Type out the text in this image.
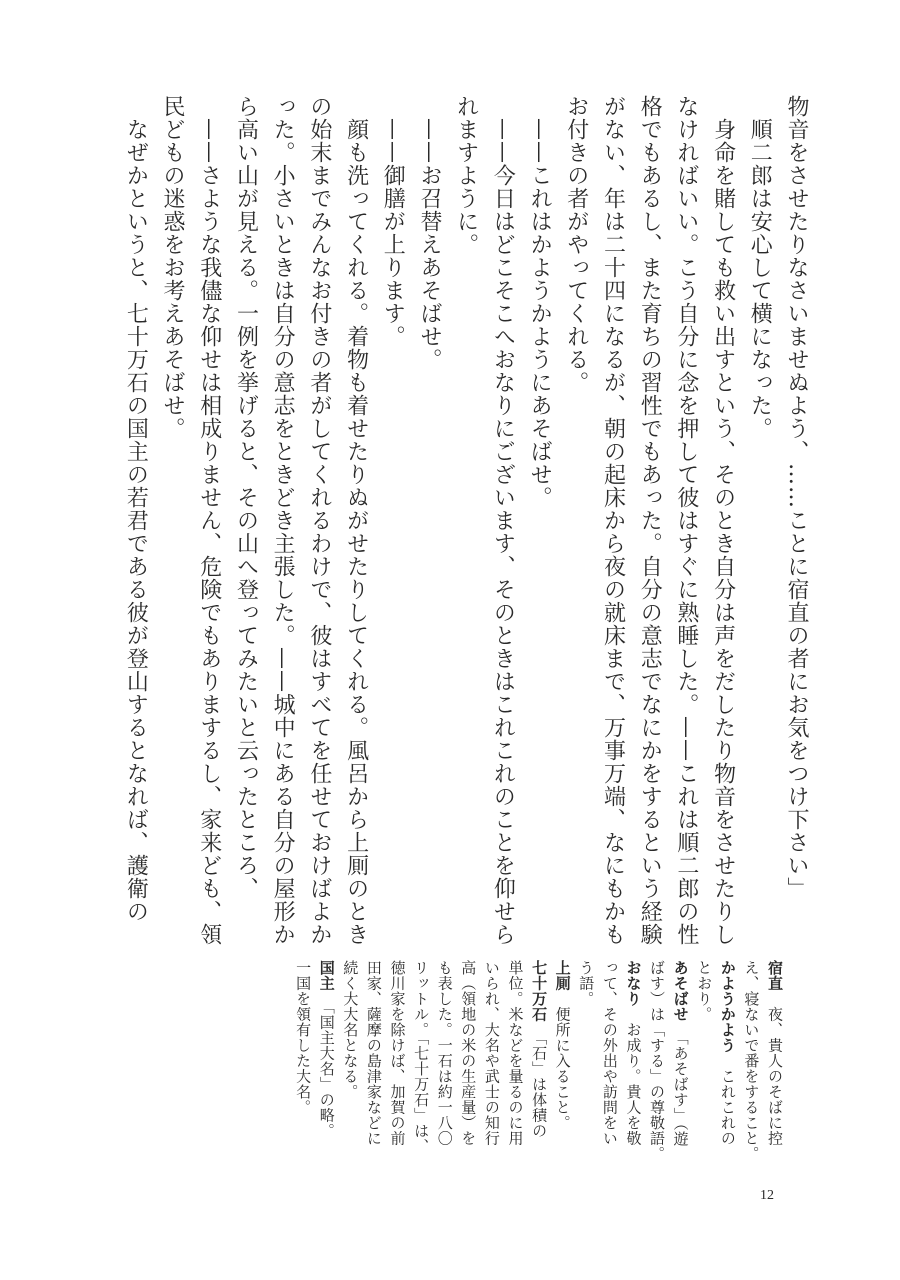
物音をさせたりなさいませぬよう、……ことに宿直の者にお気をつけ下さい」
　順二郎は安心して横になった。
　身命を賭しても救い出すという、そのとき自分は声をだしたり物音をさせたりし
なければいい。こう自分に念を押して彼はすぐに熟睡した。——これは順二郎の性
格でもあるし、また育ちの習性でもあった。自分の意志でなにかをするという経験
がない、年は二十四になるが、朝の起床から夜の就床まで、万事万端、なにもかも
お付きの者がやってくれる。
　——これはかようかようにあそばせ。
　——今日はどこそこへおなりにございます、そのときはこれこれのことを仰せら
れますように。
　——お召替えあそばせ。
　——御膳が上ります。
　顔も洗ってくれる。着物も着せたりぬがせたりしてくれる。風呂から上厠のとき
の始末までみんなお付きの者がしてくれるわけで、彼はすべてを任せておけばよか
った。小さいときは自分の意志をときどき主張した。——城中にある自分の屋形か
ら高い山が見える。一例を挙げると、その山へ登ってみたいと云ったところ、
　——さような我儘な仰せは相成りません、危険でもありまするし、家来ども、領
民どもの迷惑をお考えあそばせ。
　なぜかというと、七十万石の国主の若君である彼が登山するとなれば、護衛の
宿直　夜、貴人のそばに控
え、寝ないで番をすること。
かようかよう　これこれの
とおり。
あそばせ　「あそばす」（遊
ばす）は「する」の尊敬語。
おなり　お成り。貴人を敬
って、その外出や訪問をい
う語。
上厠　便所に入ること。
七十万石　「石」は体積の
単位。米などを量るのに用
いられ、大名や武士の知行
高（領地の米の生産量）を
も表した。一石は約一八〇
リットル。「七十万石」は、
徳川家を除けば、加賀の前
田家、薩摩の島津家などに
続く大大名となる。
国主　「国主大名」の略。
一国を領有した大名。
12
